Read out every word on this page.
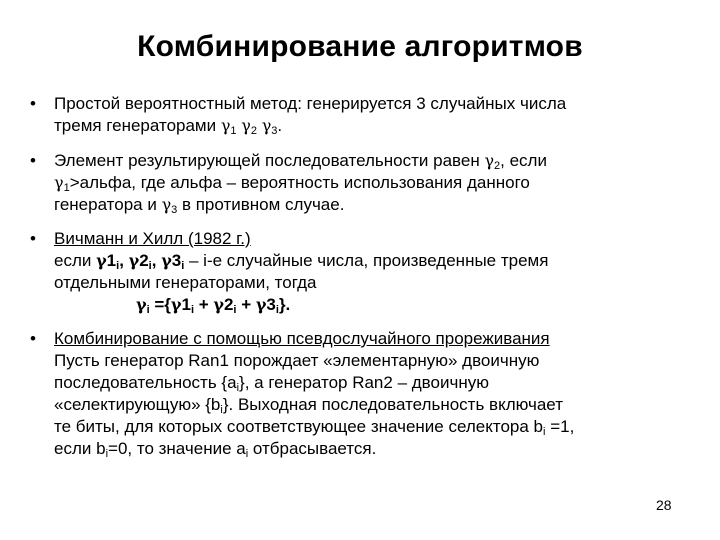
Комбинирование алгоритмов
• Простой вероятностный метод: генерируется 3 случайных числа
тремя генераторами $\gamma_1$ $\gamma_2$ $\gamma_3$.
• Элемент результирующей последовательности равен $\gamma_2$, если
$\gamma_1>альфа$, где альфа – вероятность использования данного
генератора и $\gamma_3$ в противном случае.
• Вичманн и Хилл (1982 г.)
если $\gamma 1_i$, $\gamma 2_i$, $\gamma 3_i - i-е$ случайные числа, произведенные тремя
отдельными генераторами, тогда
$\gamma_i =\{\gamma 1_i + \gamma 2_i + \gamma 3_i\}$.
• Комбинирование с помощью псевдослучайного прореживания
Пусть генератор Ran1 порождает «элементарную» двоичную
последовательность $\{a_i\}$, а генератор Ran2 – двоичную
«селектирующую» $\{b_i\}$. Выходная последовательность включает
те биты, для которых соответствующее значение селектора $b_i =1$,
если $b_i=0$, то значение $a_i$ отбрасывается.
28
